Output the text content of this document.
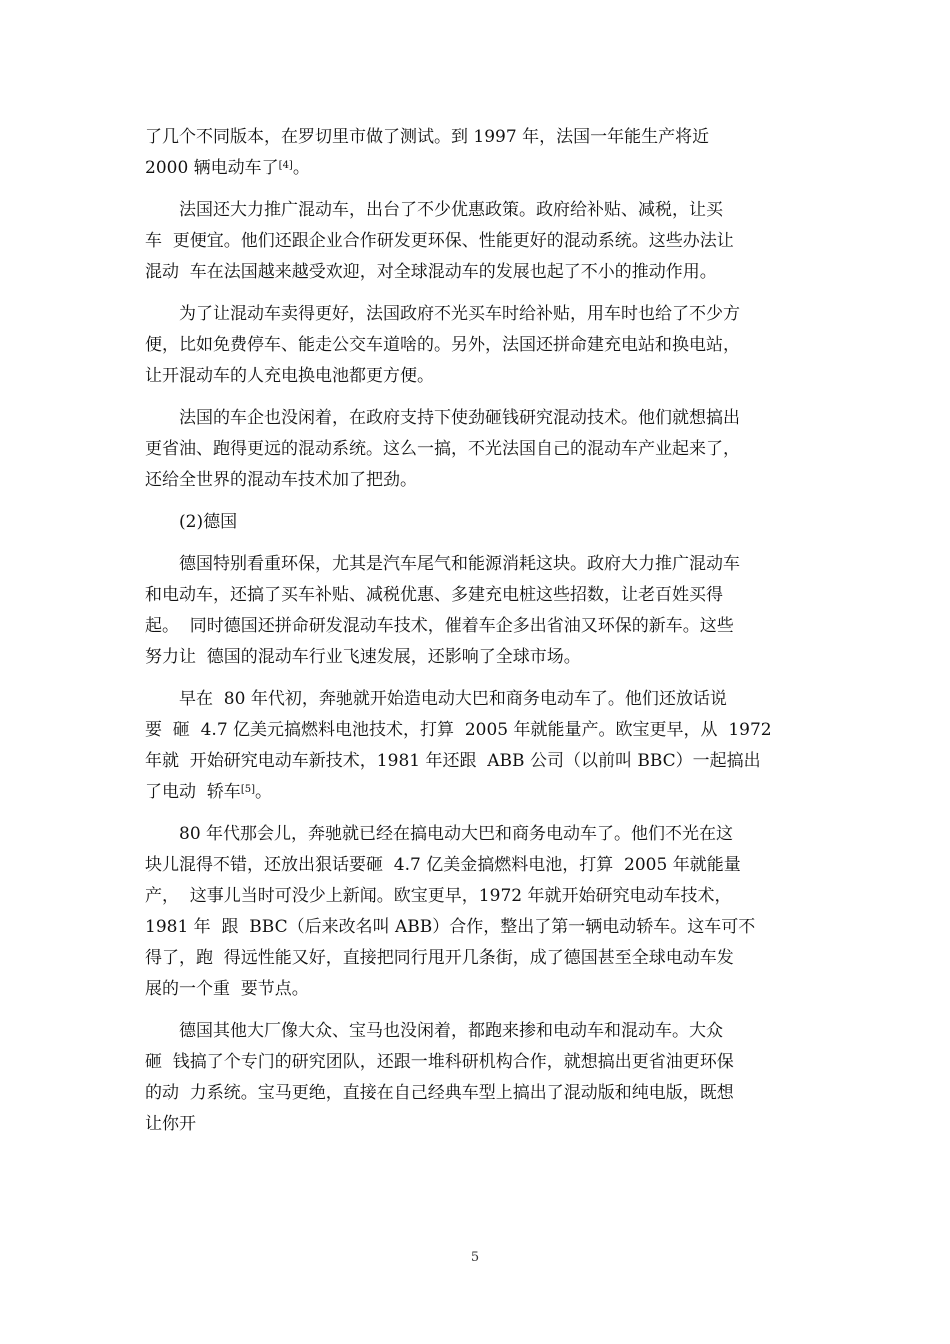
了几个不同版本，在罗切里市做了测试。到 1997 年，法国一年能生产将近
2000 辆电动车了[4]。
　　法国还大力推广混动车，出台了不少优惠政策。政府给补贴、减税，让买
车  更便宜。他们还跟企业合作研发更环保、性能更好的混动系统。这些办法让
混动  车在法国越来越受欢迎，对全球混动车的发展也起了不小的推动作用。
　　为了让混动车卖得更好，法国政府不光买车时给补贴，用车时也给了不少方
便，比如免费停车、能走公交车道啥的。另外，法国还拼命建充电站和换电站，
让开混动车的人充电换电池都更方便。
　　法国的车企也没闲着，在政府支持下使劲砸钱研究混动技术。他们就想搞出
更省油、跑得更远的混动系统。这么一搞，不光法国自己的混动车产业起来了，
还给全世界的混动车技术加了把劲。
　　(2)德国
　　德国特别看重环保，尤其是汽车尾气和能源消耗这块。政府大力推广混动车
和电动车，还搞了买车补贴、减税优惠、多建充电桩这些招数，让老百姓买得
起。  同时德国还拼命研发混动车技术，催着车企多出省油又环保的新车。这些
努力让  德国的混动车行业飞速发展，还影响了全球市场。
　　早在  80 年代初，奔驰就开始造电动大巴和商务电动车了。他们还放话说
要  砸  4.7 亿美元搞燃料电池技术，打算  2005 年就能量产。欧宝更早，从  1972
年就  开始研究电动车新技术，1981 年还跟  ABB 公司（以前叫 BBC）一起搞出
了电动  轿车[5]。
　　80 年代那会儿，奔驰就已经在搞电动大巴和商务电动车了。他们不光在这
块儿混得不错，还放出狠话要砸  4.7 亿美金搞燃料电池，打算  2005 年就能量
产，  这事儿当时可没少上新闻。欧宝更早，1972 年就开始研究电动车技术，
1981 年  跟  BBC（后来改名叫 ABB）合作，整出了第一辆电动轿车。这车可不
得了，跑  得远性能又好，直接把同行甩开几条街，成了德国甚至全球电动车发
展的一个重  要节点。
　　德国其他大厂像大众、宝马也没闲着，都跑来掺和电动车和混动车。大众
砸  钱搞了个专门的研究团队，还跟一堆科研机构合作，就想搞出更省油更环保
的动  力系统。宝马更绝，直接在自己经典车型上搞出了混动版和纯电版，既想
让你开
5
